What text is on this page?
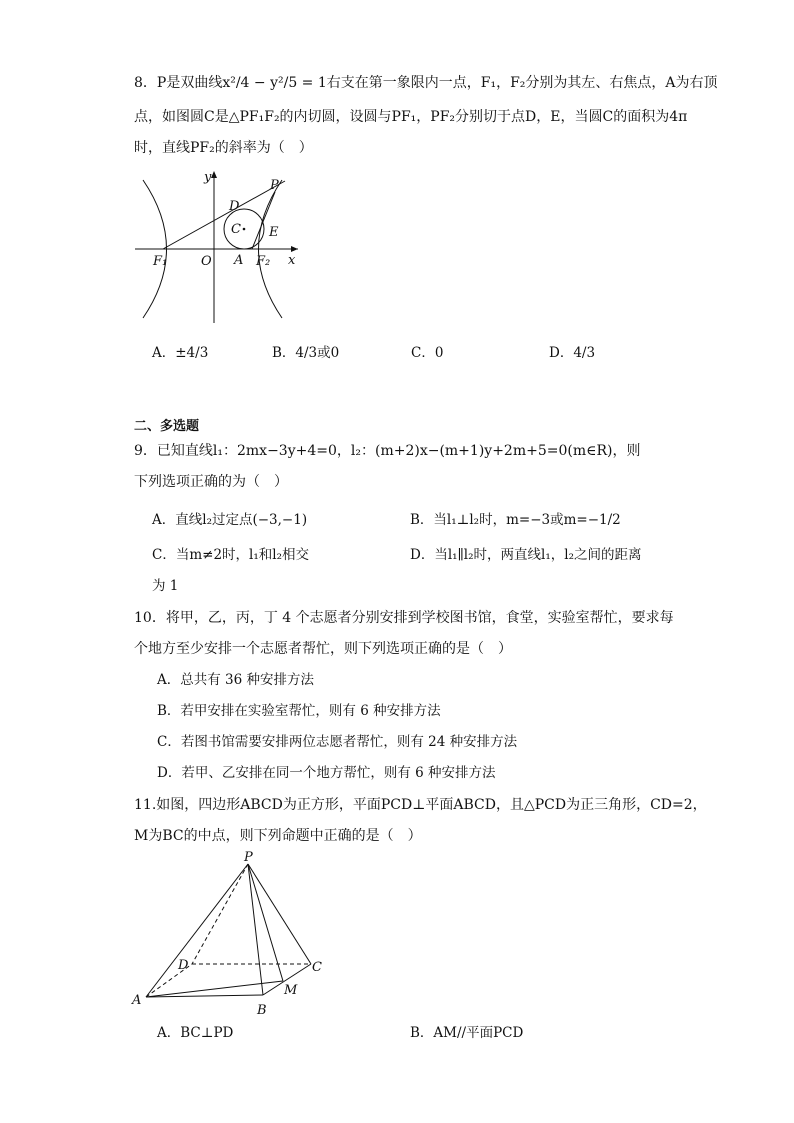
8．P是双曲线x²/4 − y²/5 = 1右支在第一象限内一点，F₁，F₂分别为其左、右焦点，A为右顶
点，如图圆C是△PF₁F₂的内切圆，设圆与PF₁，PF₂分别切于点D，E，当圆C的面积为4π
时，直线PF₂的斜率为（　）
y
P
D
C E
F₁	O A F₂ x
A．±4/3	B．4/3或0	C．0	D．4/3
二、多选题
9．已知直线l₁：2mx−3y+4=0，l₂：(m+2)x−(m+1)y+2m+5=0(m∈R)，则
下列选项正确的为（　）
A．直线l₂过定点(−3,−1)	B．当l₁⊥l₂时，m=−3或m=−1/2
C．当m≠2时，l₁和l₂相交	D．当l₁∥l₂时，两直线l₁，l₂之间的距离
为 1
10．将甲，乙，丙，丁 4 个志愿者分别安排到学校图书馆，食堂，实验室帮忙，要求每
个地方至少安排一个志愿者帮忙，则下列选项正确的是（　）
A．总共有 36 种安排方法
B．若甲安排在实验室帮忙，则有 6 种安排方法
C．若图书馆需要安排两位志愿者帮忙，则有 24 种安排方法
D．若甲、乙安排在同一个地方帮忙，则有 6 种安排方法
11.如图，四边形ABCD为正方形，平面PCD⊥平面ABCD，且△PCD为正三角形，CD=2，
M为BC的中点，则下列命题中正确的是（　）
P
D	C
A
M
B
A．BC⊥PD	B．AM//平面PCD
